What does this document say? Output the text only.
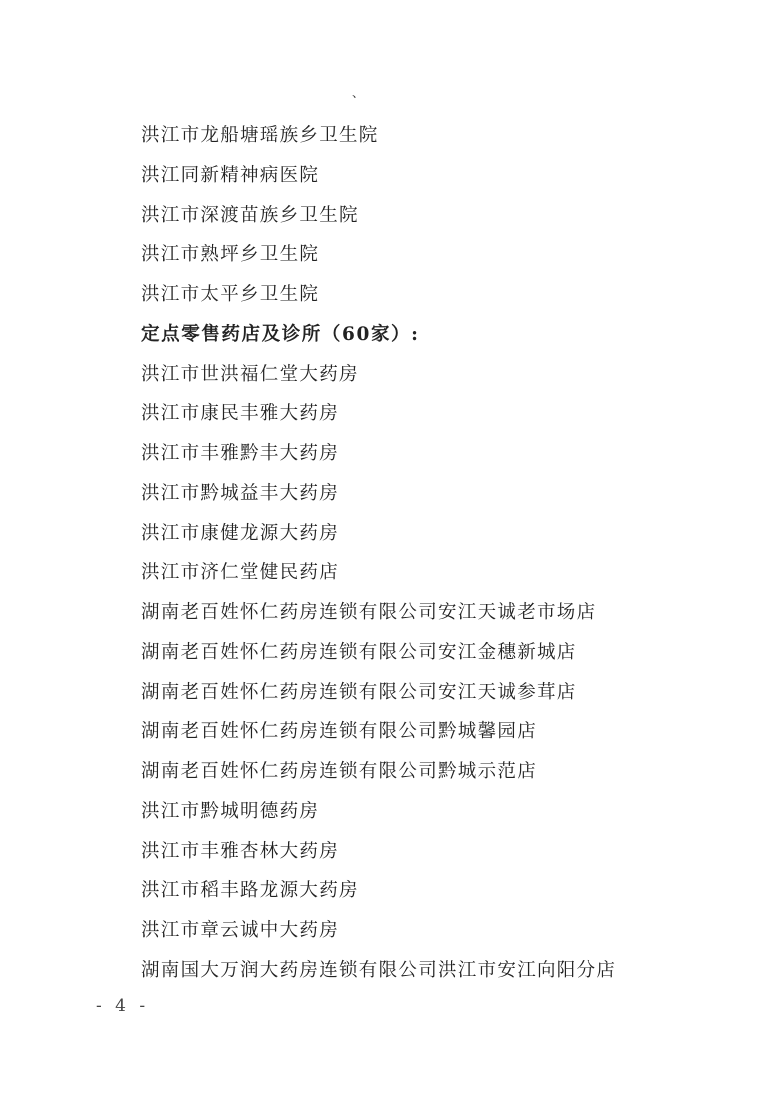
、
洪江市龙船塘瑶族乡卫生院
洪江同新精神病医院
洪江市深渡苗族乡卫生院
洪江市熟坪乡卫生院
洪江市太平乡卫生院
定点零售药店及诊所（60家）:
洪江市世洪福仁堂大药房
洪江市康民丰雅大药房
洪江市丰雅黔丰大药房
洪江市黔城益丰大药房
洪江市康健龙源大药房
洪江市济仁堂健民药店
湖南老百姓怀仁药房连锁有限公司安江天诚老市场店
湖南老百姓怀仁药房连锁有限公司安江金穗新城店
湖南老百姓怀仁药房连锁有限公司安江天诚参茸店
湖南老百姓怀仁药房连锁有限公司黔城馨园店
湖南老百姓怀仁药房连锁有限公司黔城示范店
洪江市黔城明德药房
洪江市丰雅杏林大药房
洪江市稻丰路龙源大药房
洪江市章云诚中大药房
湖南国大万润大药房连锁有限公司洪江市安江向阳分店
- 4 -
